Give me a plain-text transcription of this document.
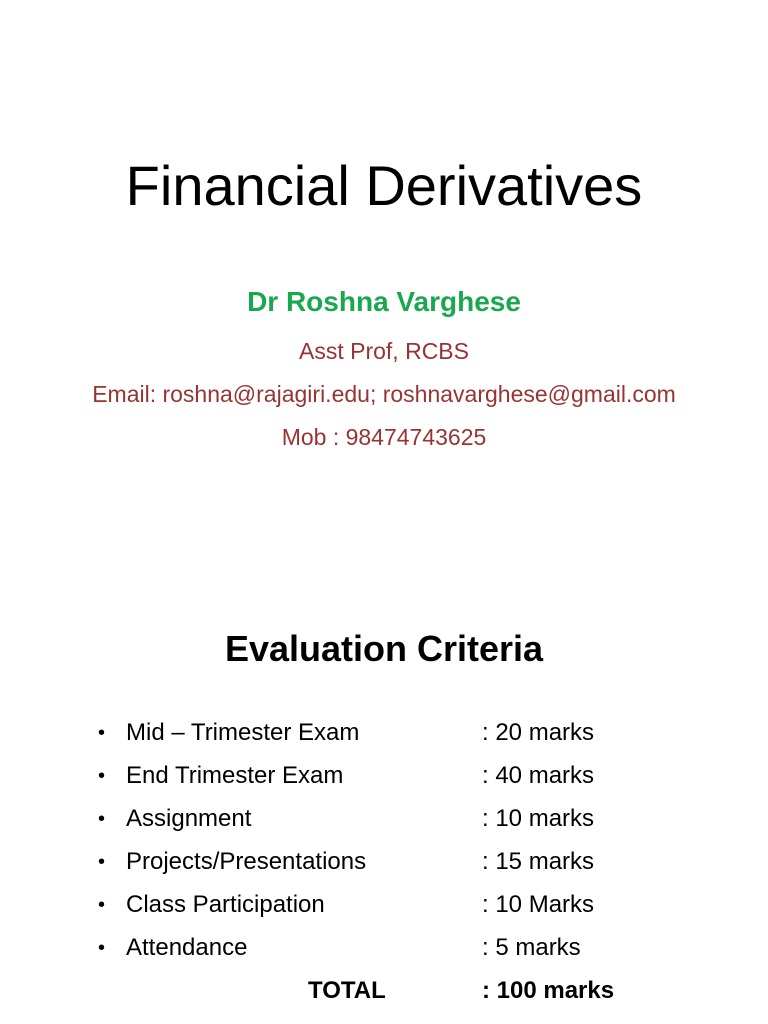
Financial Derivatives
Dr Roshna Varghese
Asst Prof, RCBS
Email: roshna@rajagiri.edu; roshnavarghese@gmail.com
Mob : 98474743625
Evaluation Criteria
• Mid – Trimester Exam	: 20 marks
• End Trimester Exam	: 40 marks
• Assignment	: 10 marks
• Projects/Presentations	: 15 marks
• Class Participation	: 10 Marks
• Attendance	: 5 marks
TOTAL	: 100 marks
